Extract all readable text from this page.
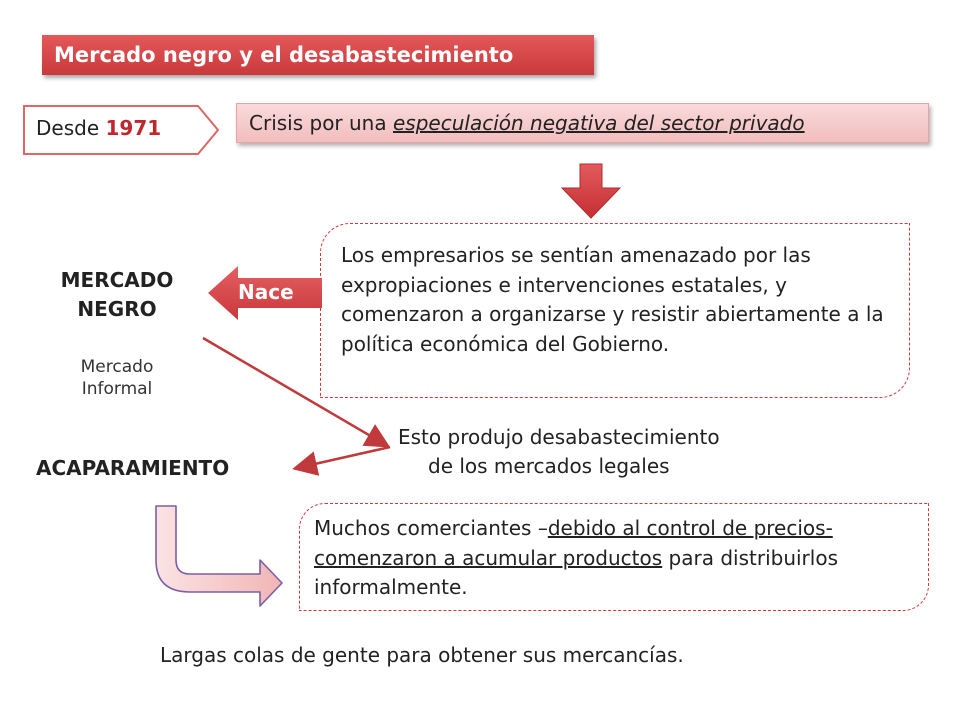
Mercado negro y el desabastecimiento
Desde 1971	Crisis por una especulación negativa del sector privado
Los empresarios se sentían amenazado por las expropiaciones e intervenciones estatales, y comenzaron a organizarse y resistir abiertamente a la política económica del Gobierno.
Nace
MERCADO
NEGRO
Mercado
Informal
Esto produjo desabastecimiento
de los mercados legales
ACAPARAMIENTO
Muchos comerciantes –debido al control de precios- comenzaron a acumular productos para distribuirlos informalmente.
Largas colas de gente para obtener sus mercancías.
